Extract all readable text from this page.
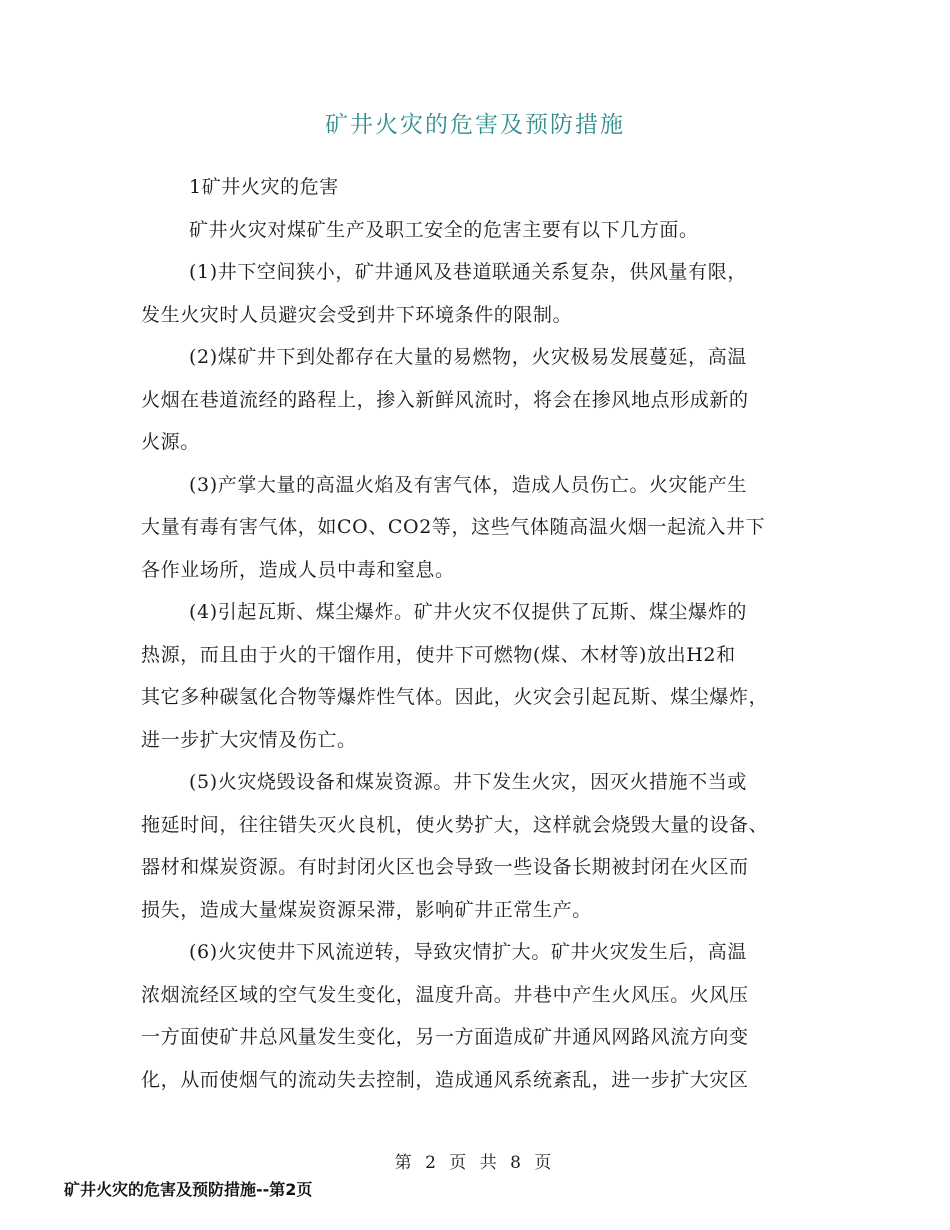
矿井火灾的危害及预防措施
1矿井火灾的危害
矿井火灾对煤矿生产及职工安全的危害主要有以下几方面。
(1)井下空间狭小，矿井通风及巷道联通关系复杂，供风量有限，
发生火灾时人员避灾会受到井下环境条件的限制。
(2)煤矿井下到处都存在大量的易燃物，火灾极易发展蔓延，高温
火烟在巷道流经的路程上，掺入新鲜风流时，将会在掺风地点形成新的
火源。
(3)产掌大量的高温火焰及有害气体，造成人员伤亡。火灾能产生
大量有毒有害气体，如CO、CO2等，这些气体随高温火烟一起流入井下
各作业场所，造成人员中毒和窒息。
(4)引起瓦斯、煤尘爆炸。矿井火灾不仅提供了瓦斯、煤尘爆炸的
热源，而且由于火的干馏作用，使井下可燃物(煤、木材等)放出H2和
其它多种碳氢化合物等爆炸性气体。因此，火灾会引起瓦斯、煤尘爆炸，
进一步扩大灾情及伤亡。
(5)火灾烧毁设备和煤炭资源。井下发生火灾，因灭火措施不当或
拖延时间，往往错失灭火良机，使火势扩大，这样就会烧毁大量的设备、
器材和煤炭资源。有时封闭火区也会导致一些设备长期被封闭在火区而
损失，造成大量煤炭资源呆滞，影响矿井正常生产。
(6)火灾使井下风流逆转，导致灾情扩大。矿井火灾发生后，高温
浓烟流经区域的空气发生变化，温度升高。井巷中产生火风压。火风压
一方面使矿井总风量发生变化，另一方面造成矿井通风网路风流方向变
化，从而使烟气的流动失去控制，造成通风系统紊乱，进一步扩大灾区
第 2 页 共 8 页
矿井火灾的危害及预防措施--第2页
